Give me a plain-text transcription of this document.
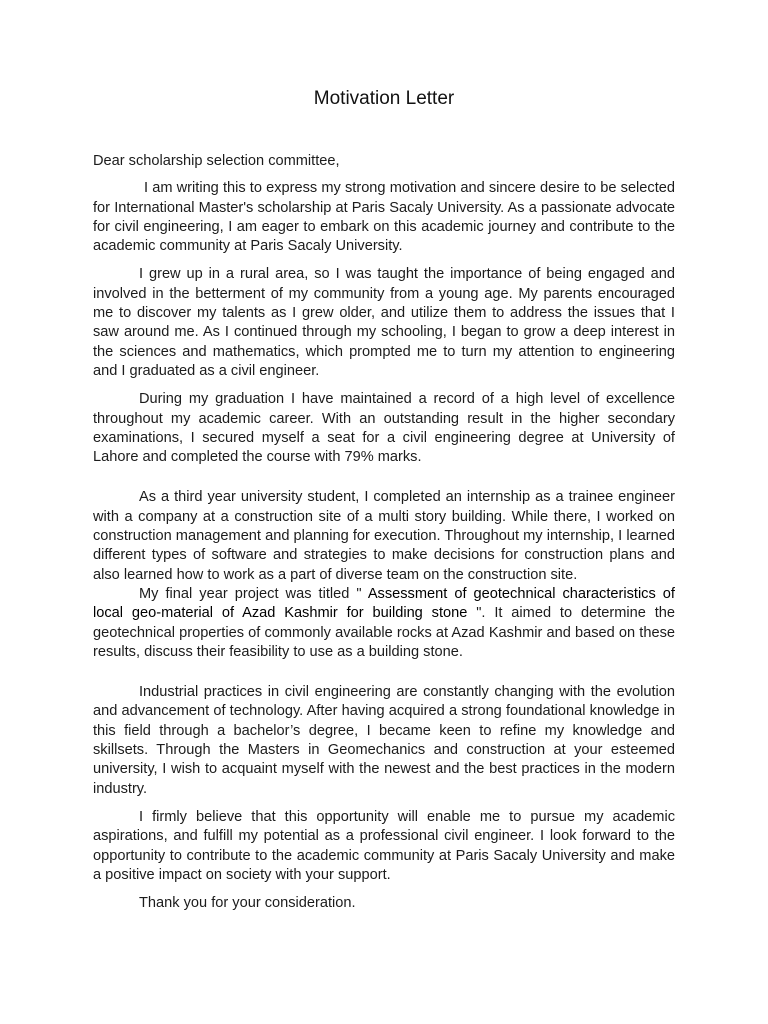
Motivation Letter

Dear scholarship selection committee,

I am writing this to express my strong motivation and sincere desire to be selected for International Master's scholarship at Paris Sacaly University. As a passionate advocate for civil engineering, I am eager to embark on this academic journey and contribute to the academic community at Paris Sacaly University.

I grew up in a rural area, so I was taught the importance of being engaged and involved in the betterment of my community from a young age. My parents encouraged me to discover my talents as I grew older, and utilize them to address the issues that I saw around me. As I continued through my schooling, I began to grow a deep interest in the sciences and mathematics, which prompted me to turn my attention to engineering and I graduated as a civil engineer.

During my graduation I have maintained a record of a high level of excellence throughout my academic career. With an outstanding result in the higher secondary examinations, I secured myself a seat for a civil engineering degree at University of Lahore and completed the course with 79% marks.

As a third year university student, I completed an internship as a trainee engineer with a company at a construction site of a multi story building. While there, I worked on construction management and planning for execution. Throughout my internship, I learned different types of software and strategies to make decisions for construction plans and also learned how to work as a part of diverse team on the construction site.

My final year project was titled " Assessment of geotechnical characteristics of local geo-material of Azad Kashmir for building stone ". It aimed to determine the geotechnical properties of commonly available rocks at Azad Kashmir and based on these results, discuss their feasibility to use as a building stone.

Industrial practices in civil engineering are constantly changing with the evolution and advancement of technology. After having acquired a strong foundational knowledge in this field through a bachelor’s degree, I became keen to refine my knowledge and skillsets. Through the Masters in Geomechanics and construction at your esteemed university, I wish to acquaint myself with the newest and the best practices in the modern industry.

I firmly believe that this opportunity will enable me to pursue my academic aspirations, and fulfill my potential as a professional civil engineer. I look forward to the opportunity to contribute to the academic community at Paris Sacaly University and make a positive impact on society with your support.

Thank you for your consideration.
